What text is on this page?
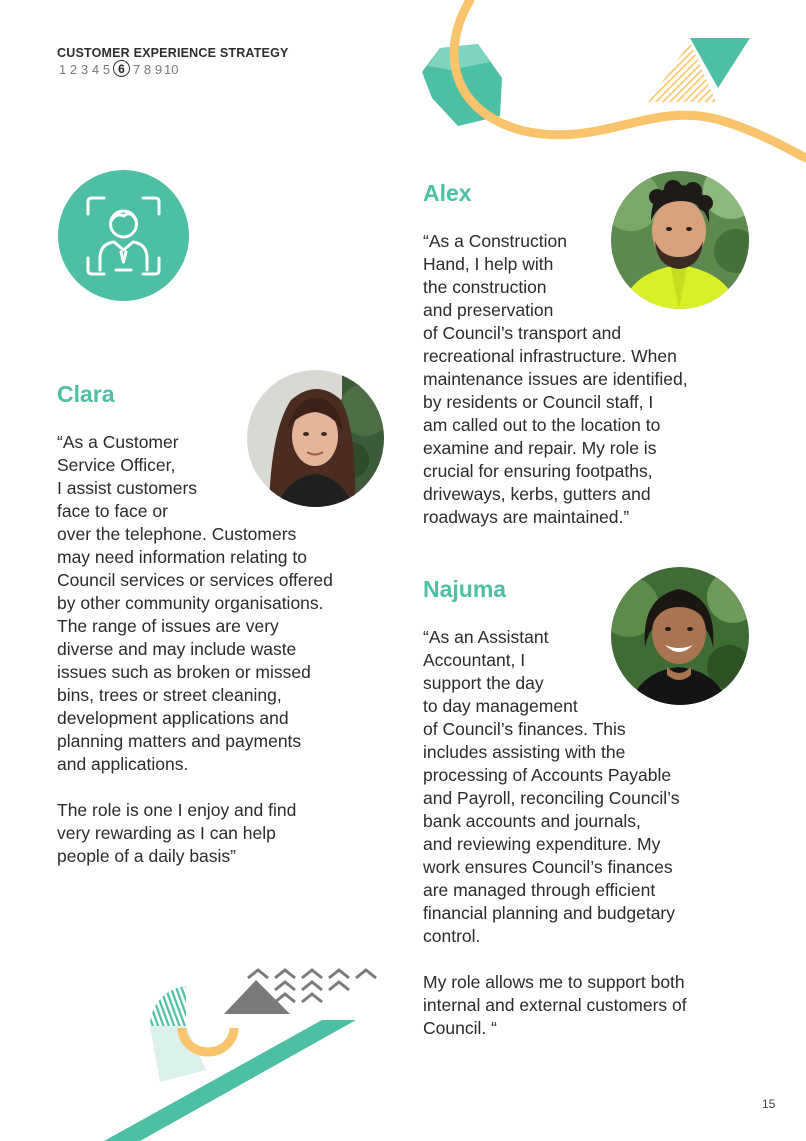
CUSTOMER EXPERIENCE STRATEGY
1 2 3 4 5 6 7 8 9 10
Clara
“As a Customer
Service Officer,
I assist customers
face to face or
over the telephone. Customers
may need information relating to
Council services or services offered
by other community organisations.
The range of issues are very
diverse and may include waste
issues such as broken or missed
bins, trees or street cleaning,
development applications and
planning matters and payments
and applications.
The role is one I enjoy and find
very rewarding as I can help
people of a daily basis”
Alex
“As a Construction
Hand, I help with
the construction
and preservation
of Council’s transport and
recreational infrastructure. When
maintenance issues are identified,
by residents or Council staff, I
am called out to the location to
examine and repair. My role is
crucial for ensuring footpaths,
driveways, kerbs, gutters and
roadways are maintained.”
Najuma
“As an Assistant
Accountant, I
support the day
to day management
of Council’s finances. This
includes assisting with the
processing of Accounts Payable
and Payroll, reconciling Council’s
bank accounts and journals,
and reviewing expenditure. My
work ensures Council’s finances
are managed through efficient
financial planning and budgetary
control.
My role allows me to support both
internal and external customers of
Council. “
15
